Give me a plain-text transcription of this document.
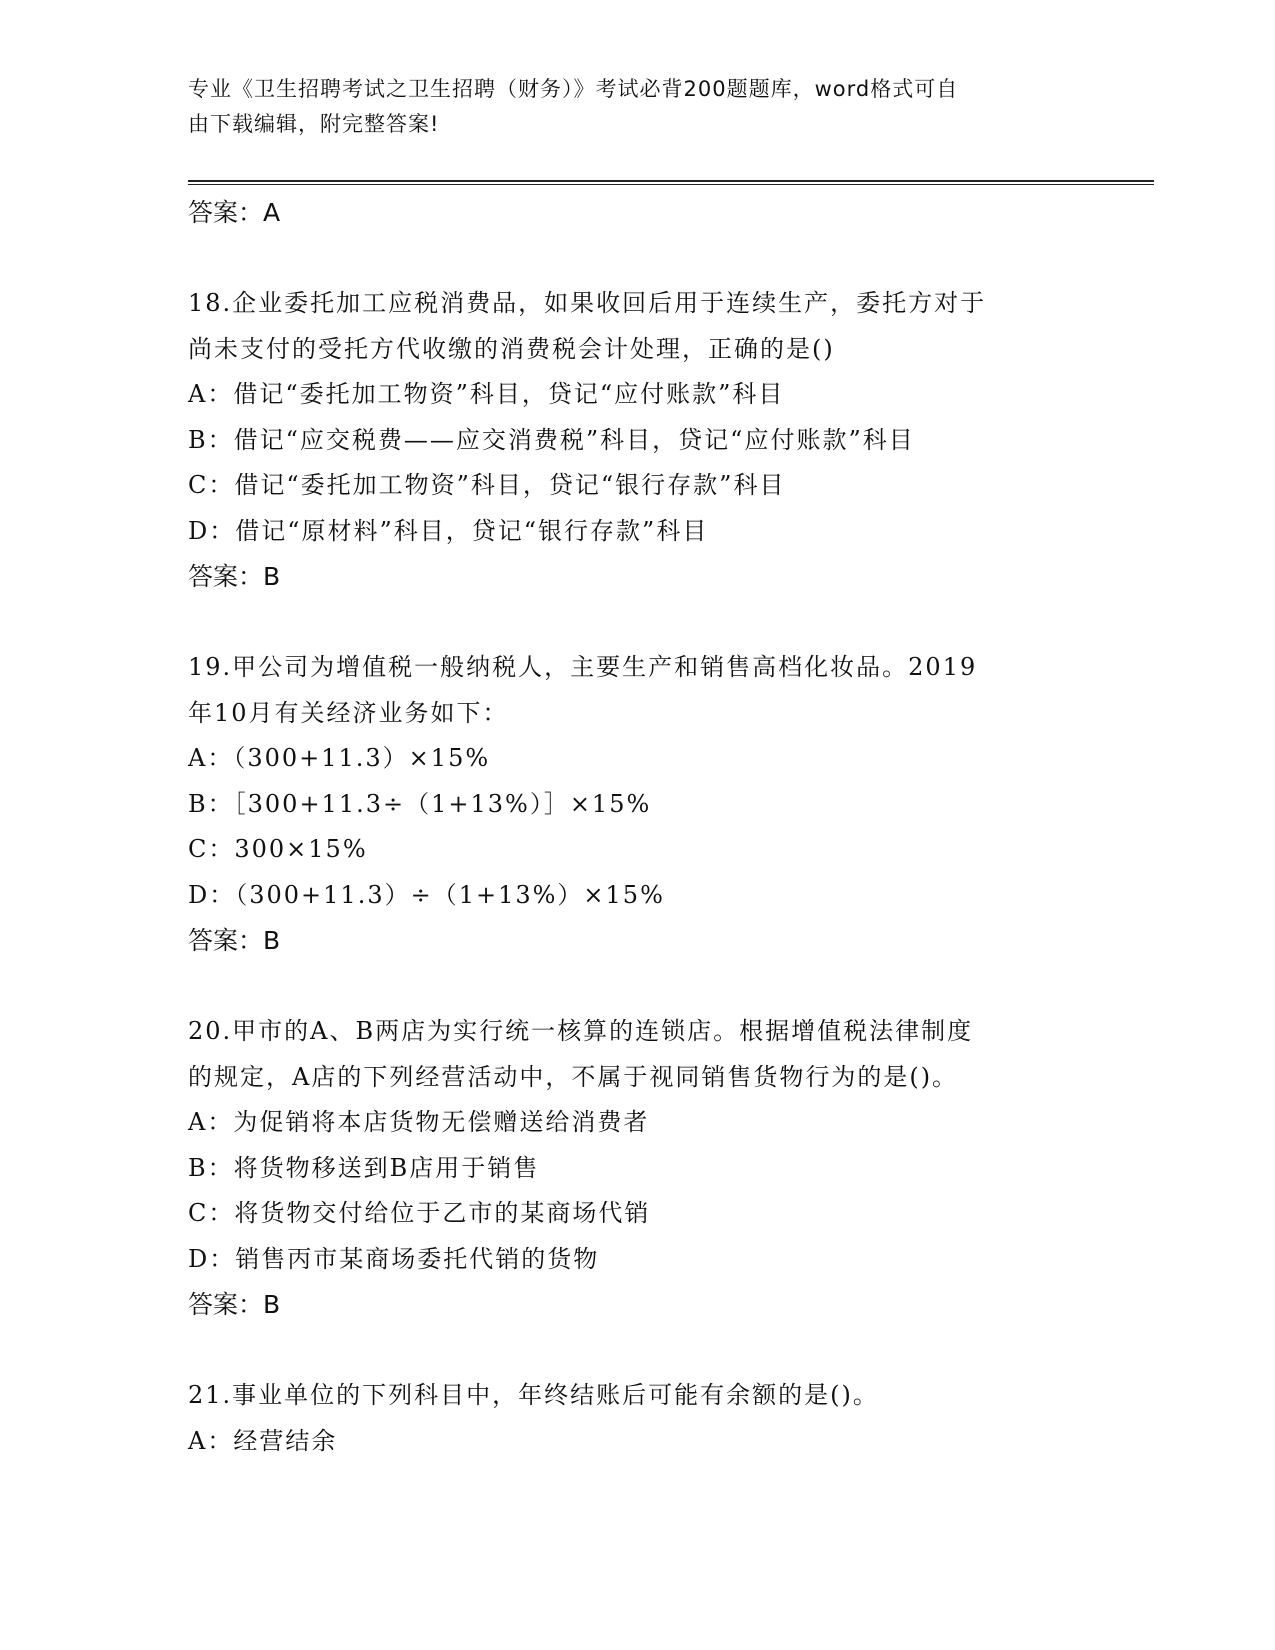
专业《卫生招聘考试之卫生招聘（财务）》考试必背200题题库，word格式可自
由下载编辑，附完整答案!
答案：A
18.企业委托加工应税消费品，如果收回后用于连续生产，委托方对于
尚未支付的受托方代收缴的消费税会计处理，正确的是()
A：借记“委托加工物资”科目，贷记“应付账款”科目
B：借记“应交税费——应交消费税”科目，贷记“应付账款”科目
C：借记“委托加工物资”科目，贷记“银行存款”科目
D：借记“原材料”科目，贷记“银行存款”科目
答案：B
19.甲公司为增值税一般纳税人，主要生产和销售高档化妆品。2019
年10月有关经济业务如下：
A：（300+11.3）×15%
B：［300+11.3÷（1+13%）］×15%
C：300×15%
D：（300+11.3）÷（1+13%）×15%
答案：B
20.甲市的A、B两店为实行统一核算的连锁店。根据增值税法律制度
的规定，A店的下列经营活动中，不属于视同销售货物行为的是()。
A：为促销将本店货物无偿赠送给消费者
B：将货物移送到B店用于销售
C：将货物交付给位于乙市的某商场代销
D：销售丙市某商场委托代销的货物
答案：B
21.事业单位的下列科目中，年终结账后可能有余额的是()。
A：经营结余
